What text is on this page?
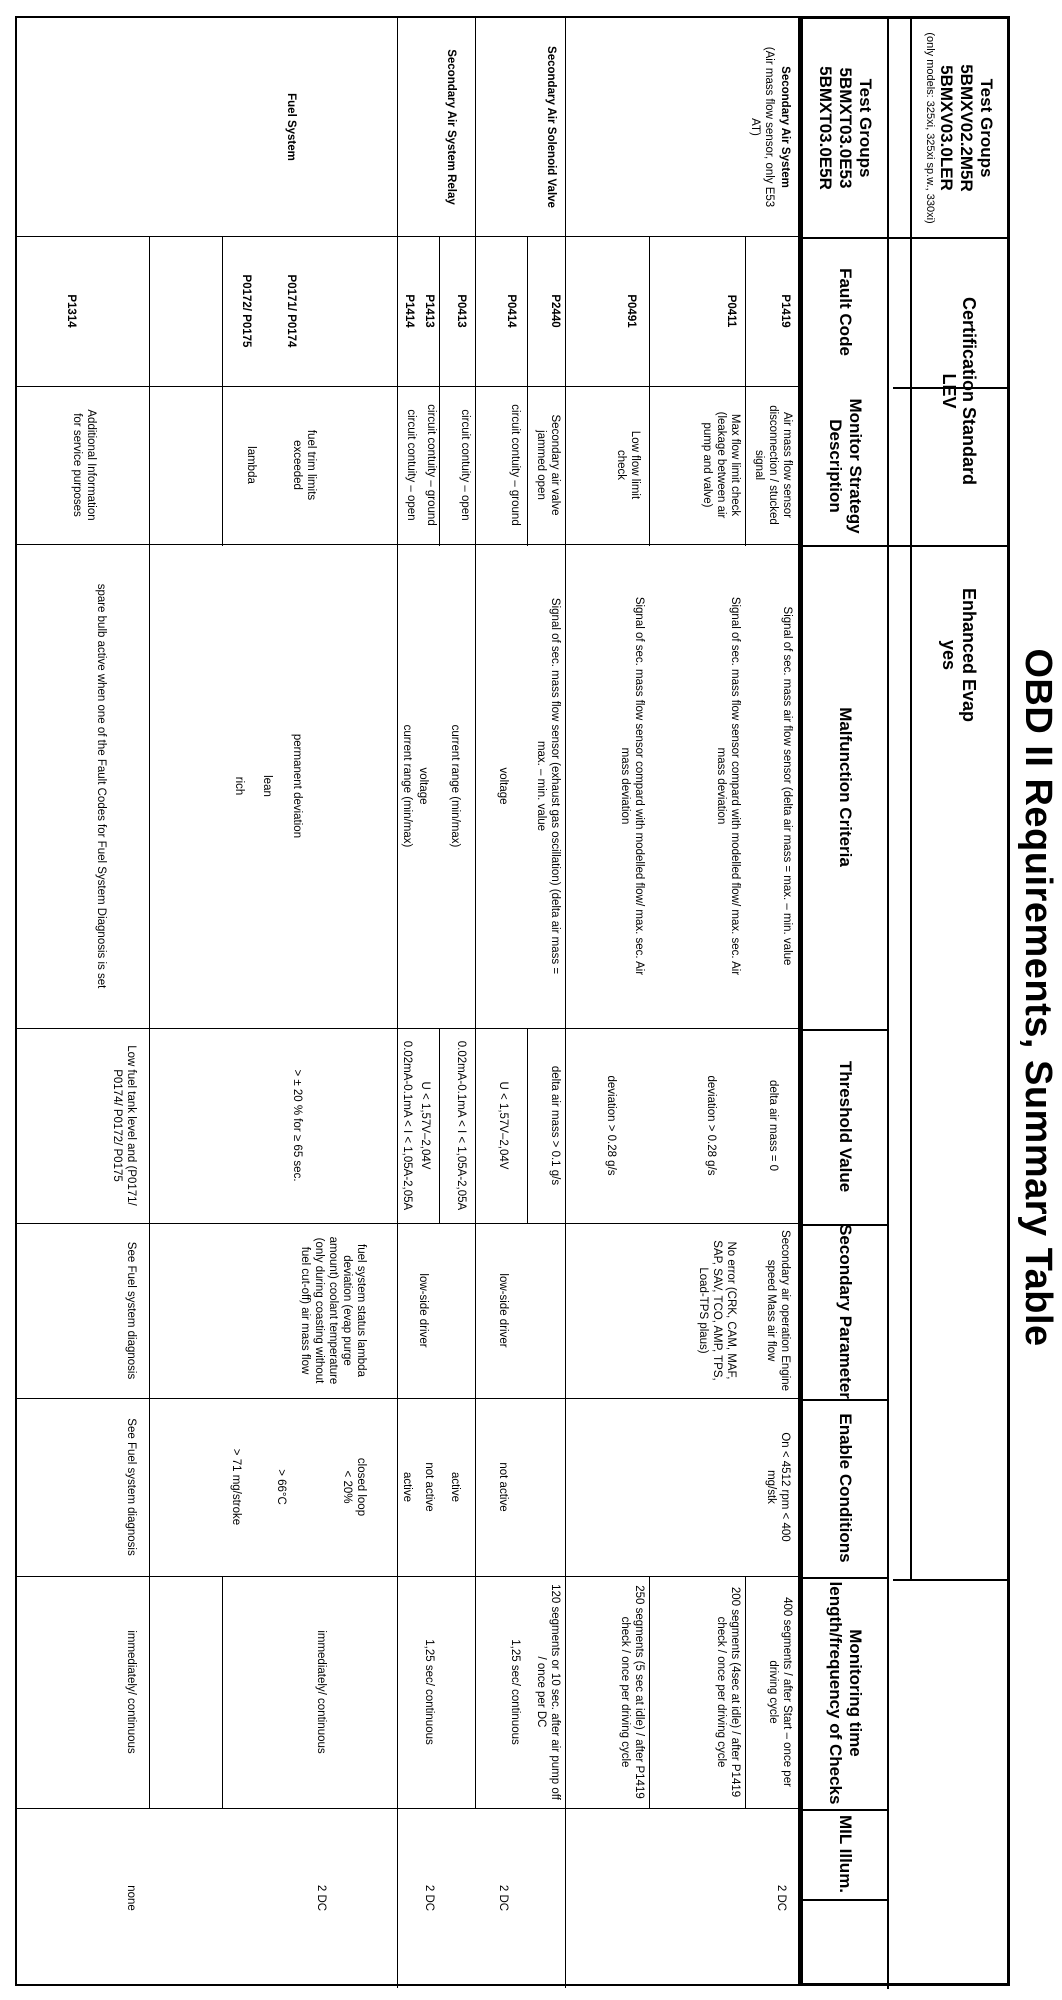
OBD II Requirements, Summary Table
Test Groups
5BMXV02.2M5R
5BMXV03.0LER
(only models: 325xi, 325xi sp.w., 330xi)
Certification Standard
LEV
Enhanced Evap
yes
Test Groups
5BMXT03.0E53
5BMXT03.0E5R
Fault Code
Monitor Strategy Description
Malfunction Criteria
Threshold Value
Secondary Parameter
Enable Conditions
Monitoring time length/frequency of Checks
MIL Illum.
Secondary Air System
(Air mass flow sensor, only E53 AT)
Secondary air operation Engine speed Mass air flow
No error (CRK, CAM, MAF, SAP, SAV, TCO, AMP, TPS, Load-TPS plaus)
On < 4512 rpm < 400 mg/stk
2 DC
P1419
Air mass flow sensor disconnection / stucked signal
Signal of sec. mass air flow sensor (delta air mass = max. – min. value
delta air mass = 0
400 segments / after Start – once per driving cycle
P0411
Max flow limit check (leakage between air pump and valve)
Signal of sec. mass flow sensor compard with modelled flow/ max. sec. Air mass deviation
deviation > 0.28 g/s
200 segments (4sec at idle) / after P1419 check / once per driving cycle
P0491
Low flow limit check
Signal of sec. mass flow sensor compard with modelled flow/ max. sec. Air mass deviation
deviation > 0.28 g/s
250 segments (5 sec at idle) / after P1419 check / once per driving cycle
Secondary Air Solenoid Valve
P2440
Secondary air valve jammed open
Signal of sec. mass flow sensor (exhaust gas oscillation) (delta air mass = max. – min. value
delta air mass > 0.1 g/s
120 segments or 10 sec. after air pump off / once per DC
P0414
circuit contuity – ground
voltage
U < 1,57V–2,04V
low-side driver
not active
1,25 sec/ continuous
2 DC
P0413
circuit contuity – open
current range (min/max)
0.02mA-0.1mA < I < 1,05A-2,05A
active
Secondary Air System Relay
P1413
circuit contuity – ground
voltage
U < 1,57V–2,04V
low-side driver
not active
1,25 sec/ continuous
2 DC
P1414
circuit contuity – open
current range (min/max)
0.02mA-0.1mA < I < 1,05A-2,05A
active
Fuel System
P0171/ P0174
P0172/ P0175
fuel trim limits exceeded
lambda
permanent deviation
lean
rich
> ± 20 % for ≥ 65 sec.
fuel system status lambda deviation (evap purge amount) coolant temperature (only during coasting without fuel cut-off) air mass flow
closed loop
< 20%
> 66°C
> 71 mg/stroke
immediately/ continuous
2 DC
P1314
Additional Information for service purposes
spare bulb active when one of the Fault Codes for Fuel System Diagnosis is set
Low fuel tank level and (P0171/ P0174/ P0172/ P0175
See Fuel system diagnosis
See Fuel system diagnosis
immediately/ continuous
none
